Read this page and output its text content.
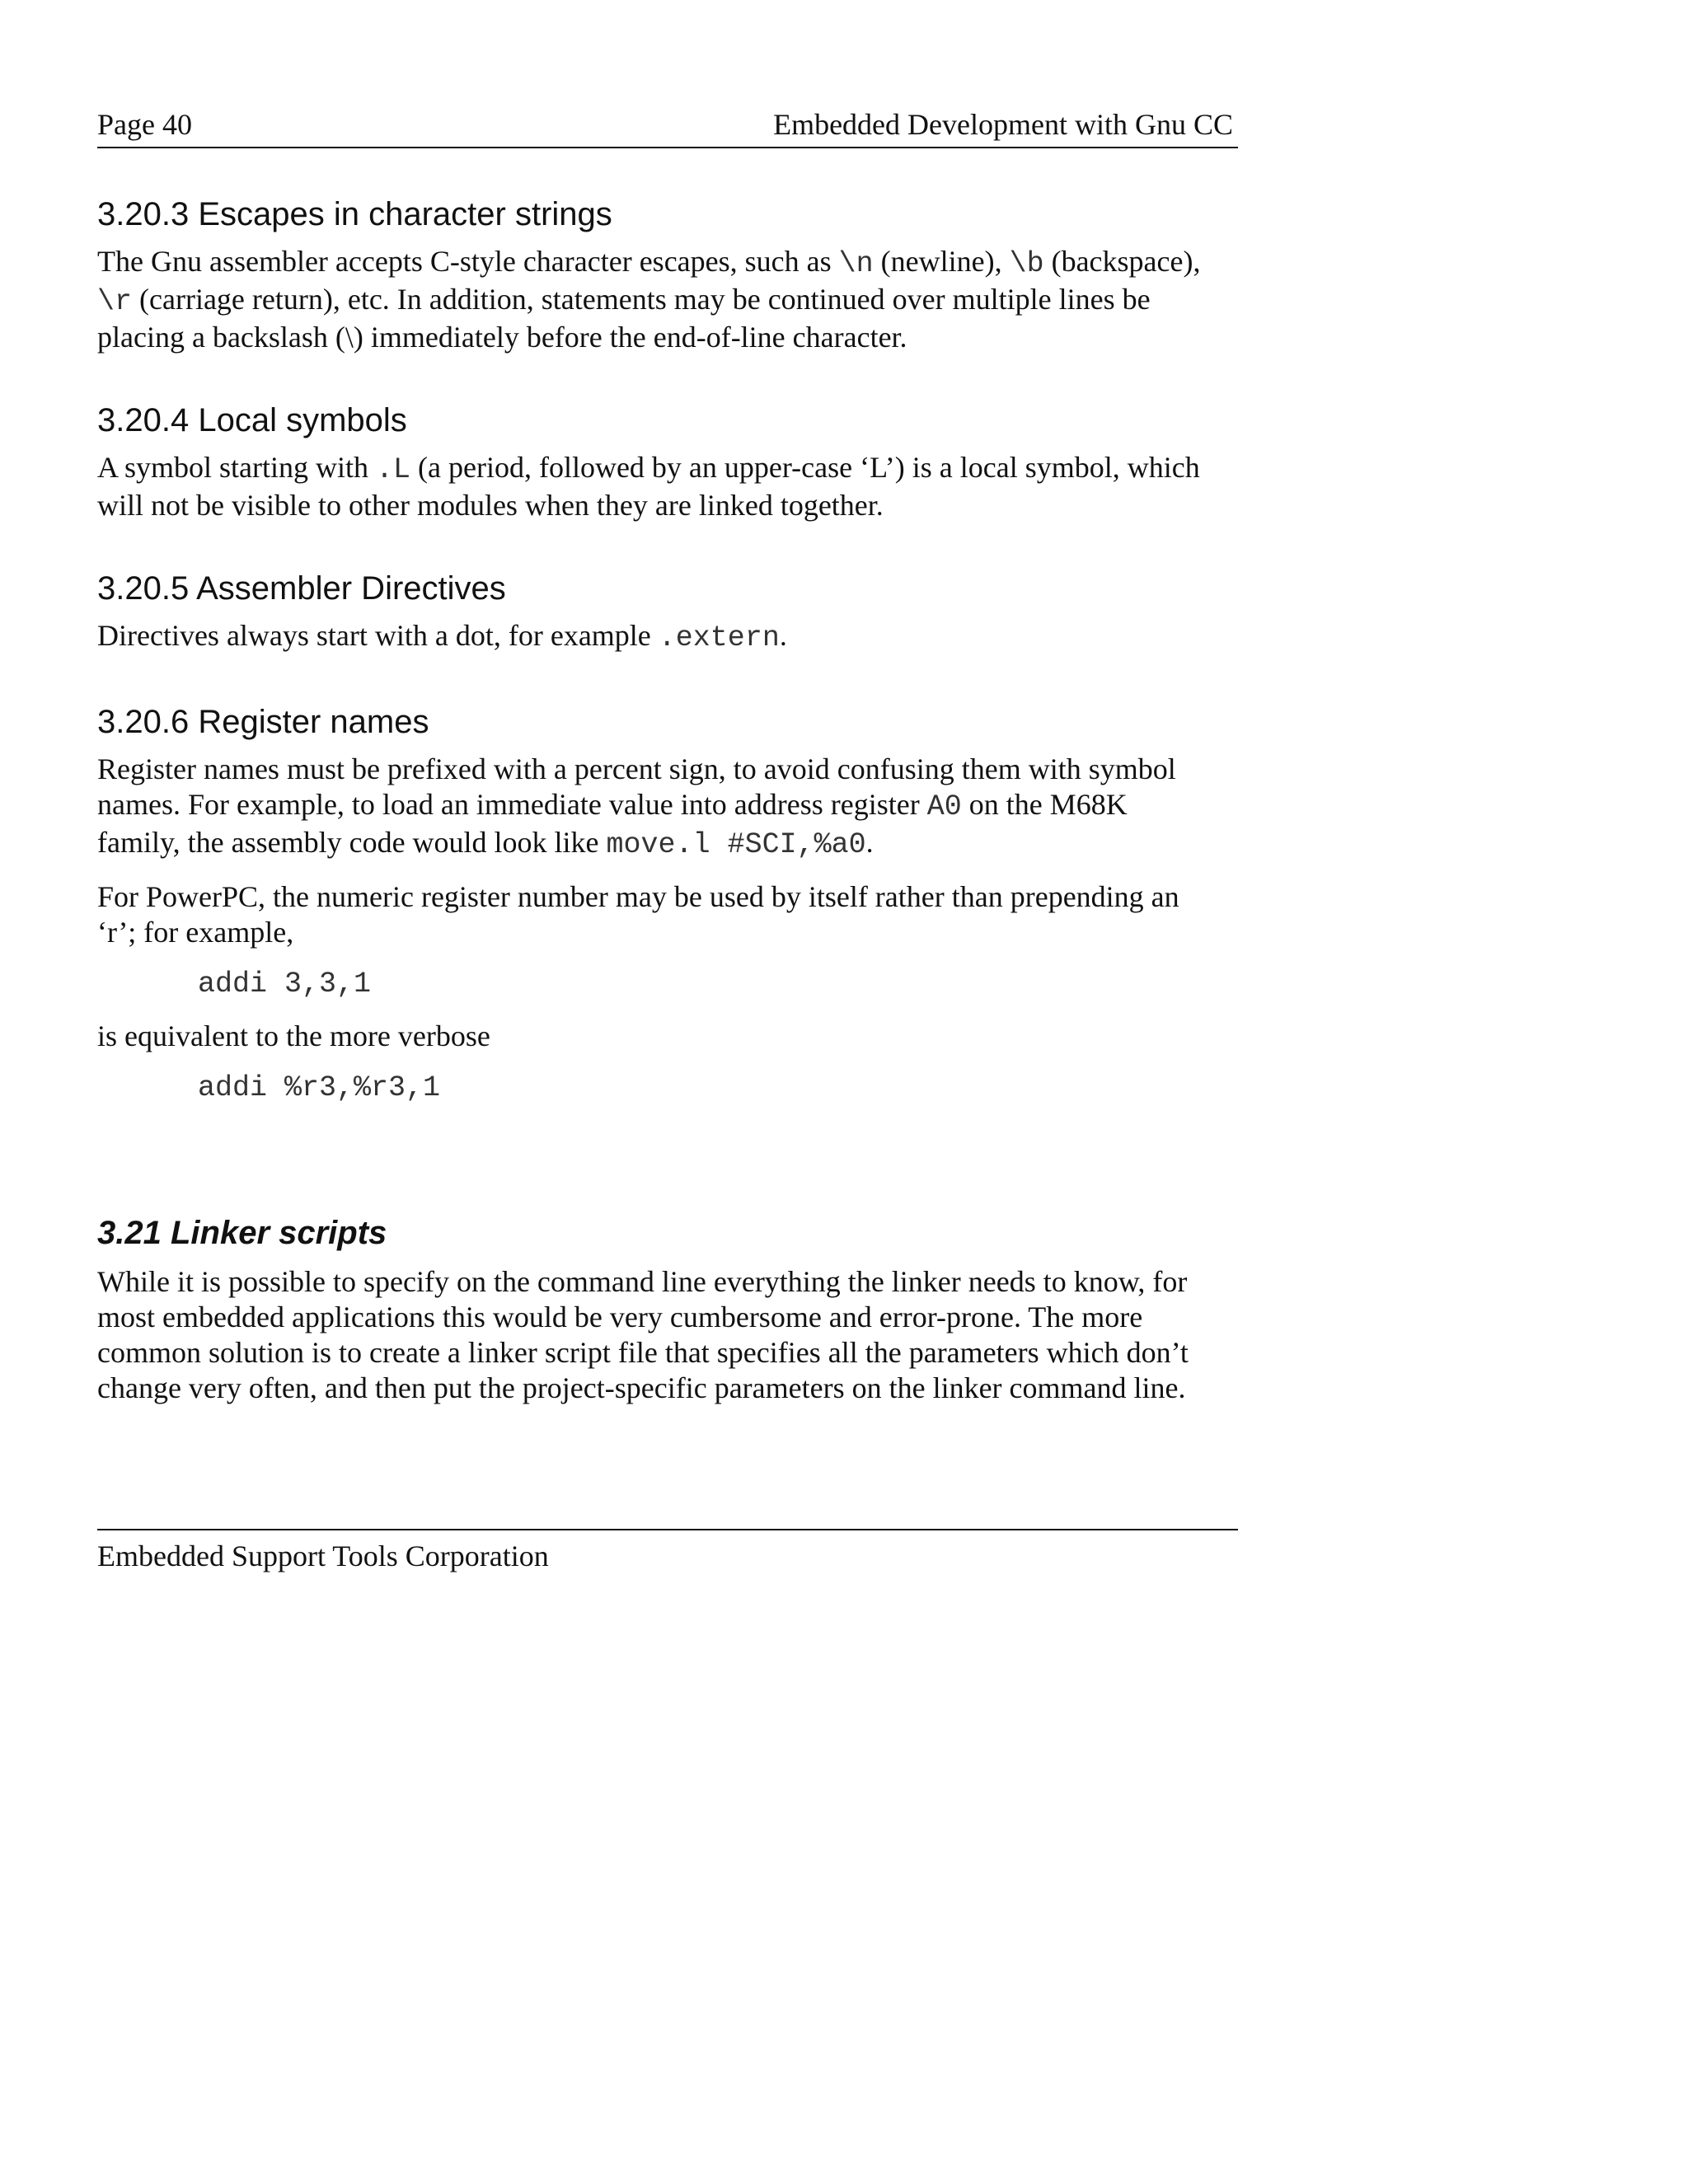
Page 40	Embedded Development with Gnu CC
3.20.3 Escapes in character strings

The Gnu assembler accepts C-style character escapes, such as \n (newline), \b (backspace),
\r (carriage return), etc. In addition, statements may be continued over multiple lines be
placing a backslash (\) immediately before the end-of-line character.

3.20.4 Local symbols

A symbol starting with .L (a period, followed by an upper-case ‘L’) is a local symbol, which
will not be visible to other modules when they are linked together.

3.20.5 Assembler Directives

Directives always start with a dot, for example .extern.

3.20.6 Register names

Register names must be prefixed with a percent sign, to avoid confusing them with symbol
names. For example, to load an immediate value into address register A0 on the M68K
family, the assembly code would look like move.l #SCI,%a0.

For PowerPC, the numeric register number may be used by itself rather than prepending an
‘r’; for example,

addi 3,3,1

is equivalent to the more verbose

addi %r3,%r3,1
3.21 Linker scripts

While it is possible to specify on the command line everything the linker needs to know, for
most embedded applications this would be very cumbersome and error-prone. The more
common solution is to create a linker script file that specifies all the parameters which don’t
change very often, and then put the project-specific parameters on the linker command line.

Embedded Support Tools Corporation
